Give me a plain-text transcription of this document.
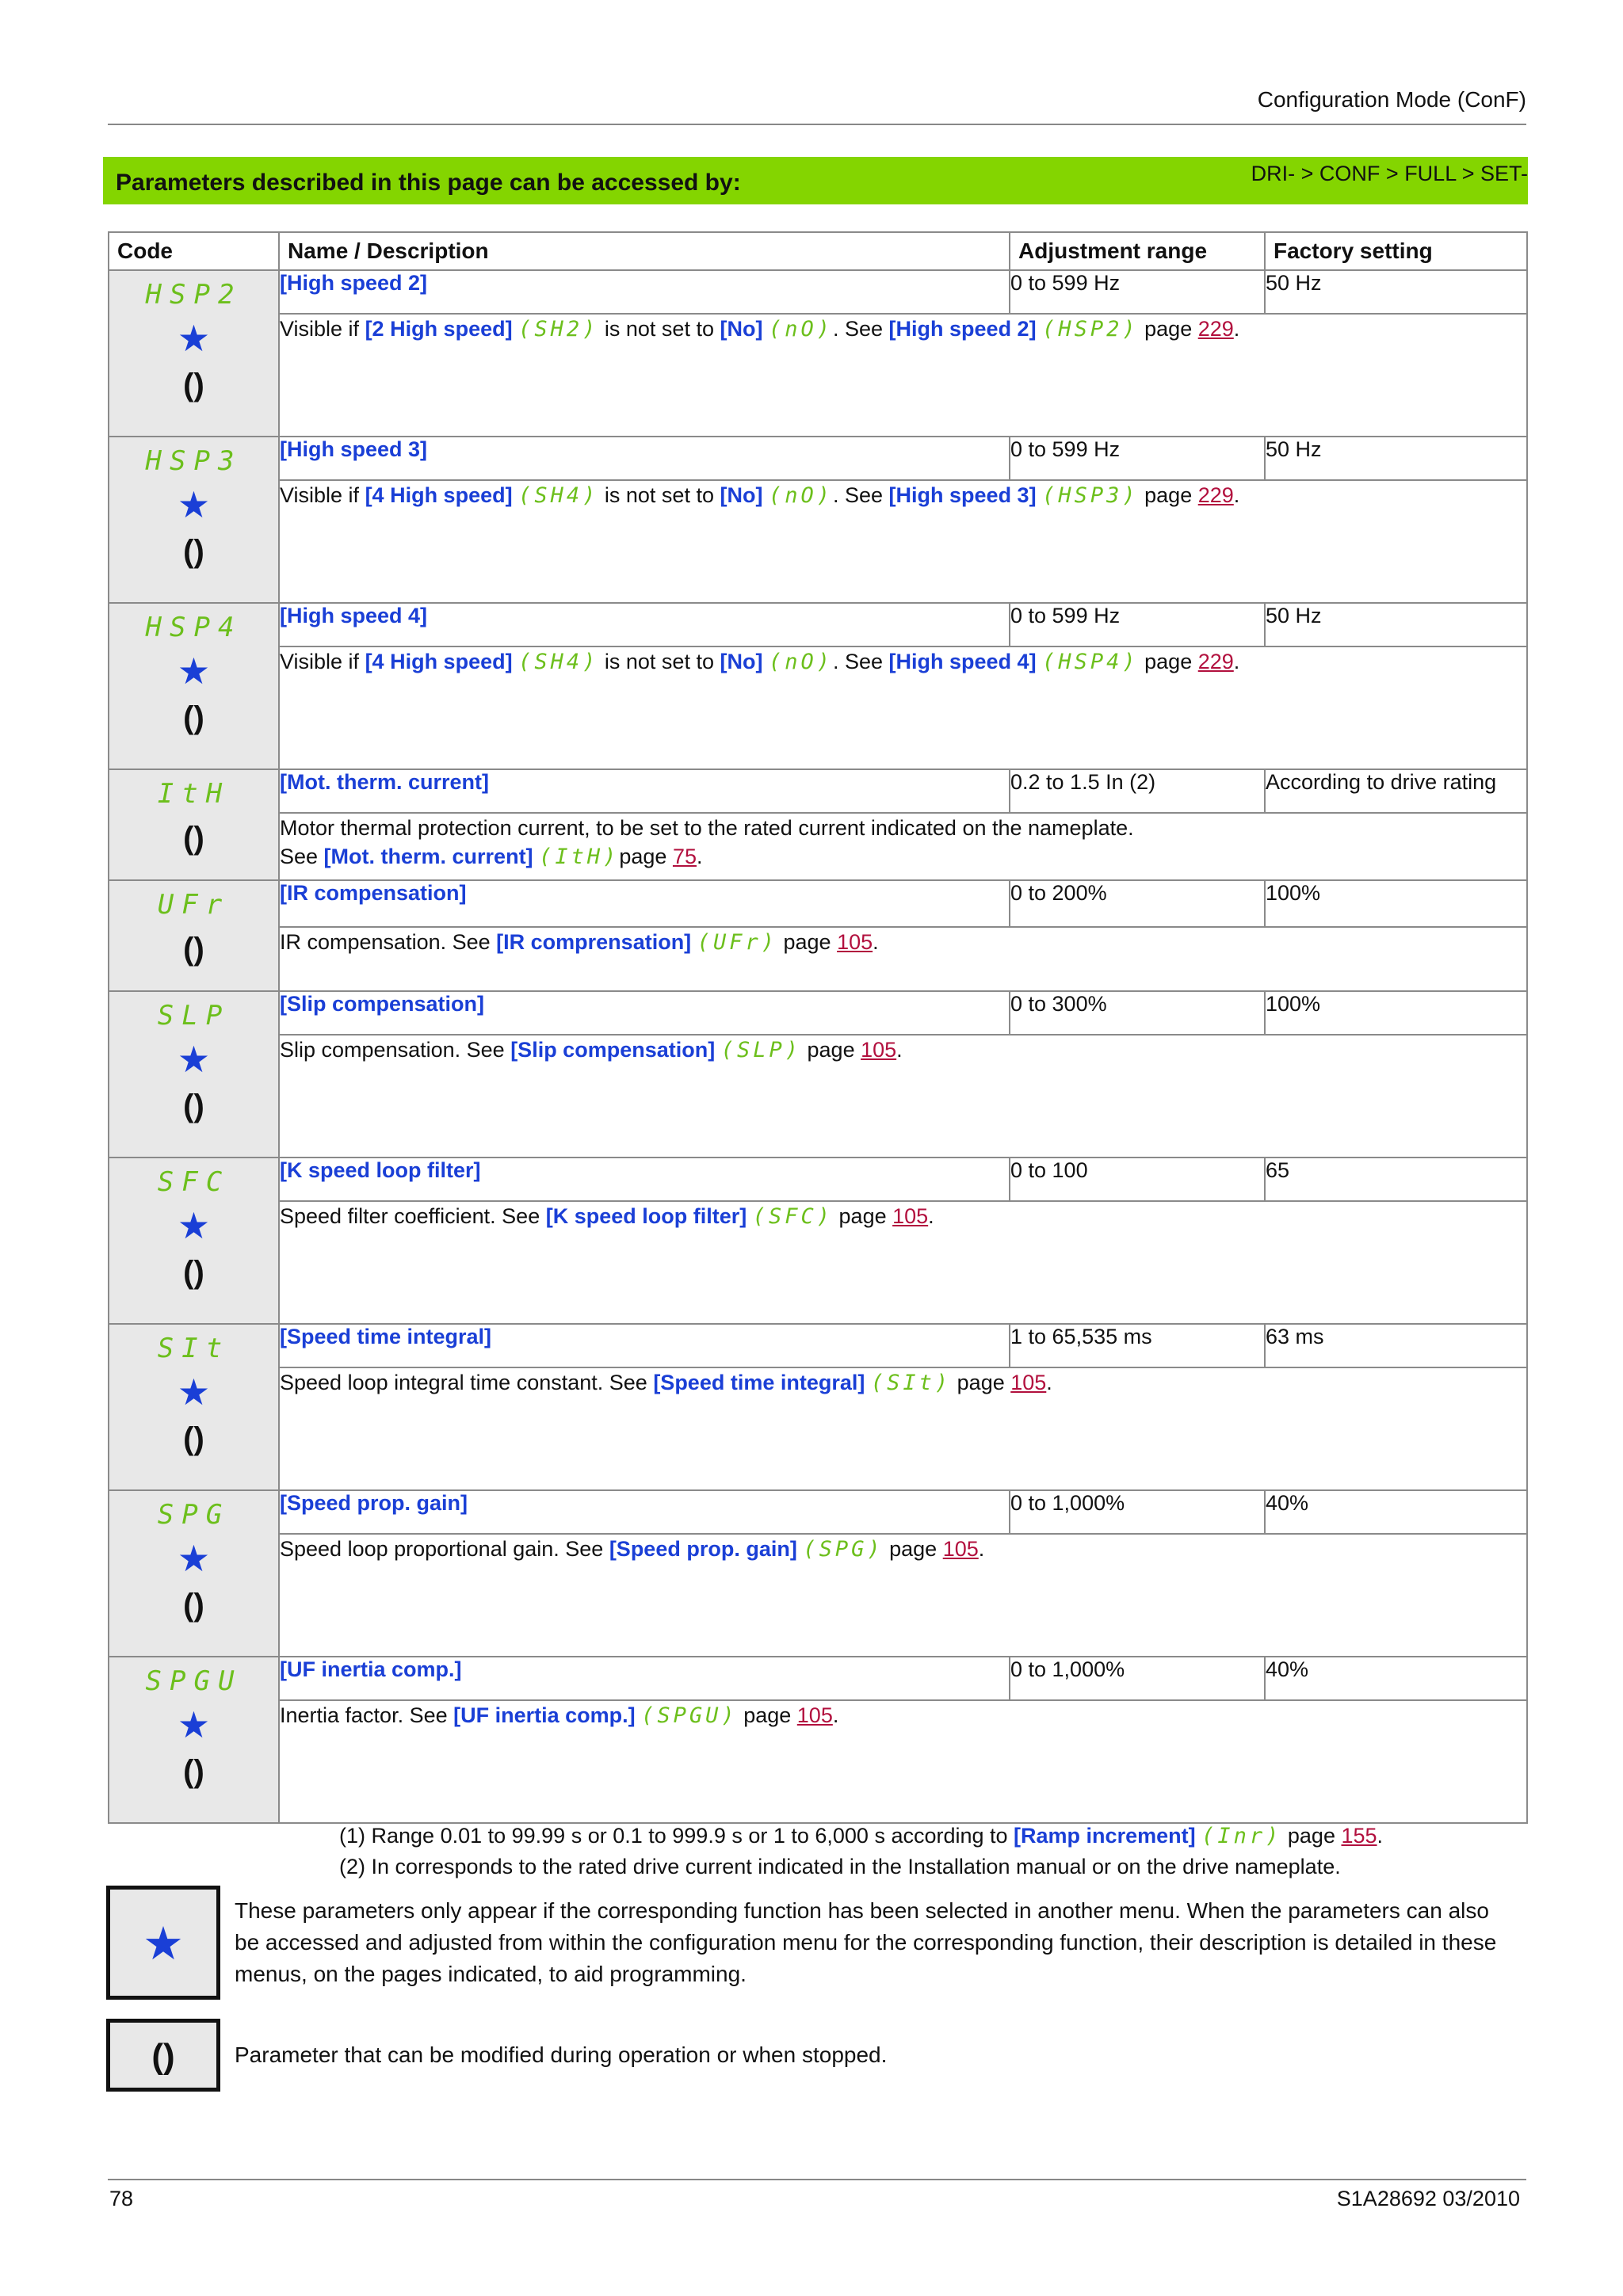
Configuration Mode (ConF)
Parameters described in this page can be accessed by:	DRI- > CONF > FULL > SET-
Code	Name / Description	Adjustment range	Factory setting

HSP2
★
()	[High speed 2]	0 to 599 Hz	50 Hz
	Visible if [2 High speed] (SH2) is not set to [No] (nO). See [High speed 2] (HSP2) page 229.		

HSP3
★
()	[High speed 3]	0 to 599 Hz	50 Hz
	Visible if [4 High speed] (SH4) is not set to [No] (nO). See [High speed 3] (HSP3) page 229.		

HSP4
★
()	[High speed 4]	0 to 599 Hz	50 Hz
	Visible if [4 High speed] (SH4) is not set to [No] (nO). See [High speed 4] (HSP4) page 229.		

ItH
()	[Mot. therm. current]	0.2 to 1.5 In (2)	According to drive rating
	Motor thermal protection current, to be set to the rated current indicated on the nameplate.
See [Mot. therm. current] (ItH)page 75.		

UFr
()	[IR compensation]	0 to 200%	100%
	IR compensation. See [IR comprensation] (UFr) page 105.		

SLP
★
()	[Slip compensation]	0 to 300%	100%
	Slip compensation. See [Slip compensation] (SLP) page 105.		

SFC
★
()	[K speed loop filter]	0 to 100	65
	Speed filter coefficient. See [K speed loop filter] (SFC) page 105.		

SIt
★
()	[Speed time integral]	1 to 65,535 ms	63 ms
	Speed loop integral time constant. See [Speed time integral] (SIt) page 105.		

SPG
★
()	[Speed prop. gain]	0 to 1,000%	40%
	Speed loop proportional gain. See [Speed prop. gain] (SPG) page 105.		

SPGU
★
()	[UF inertia comp.]	0 to 1,000%	40%
	Inertia factor. See [UF inertia comp.] (SPGU) page 105.		
(1) Range 0.01 to 99.99 s or 0.1 to 999.9 s or 1 to 6,000 s according to [Ramp increment] (Inr) page 155.
(2) In corresponds to the rated drive current indicated in the Installation manual or on the drive nameplate.
★
These parameters only appear if the corresponding function has been selected in another menu. When the parameters can also be accessed and adjusted from within the configuration menu for the corresponding function, their description is detailed in these menus, on the pages indicated, to aid programming.
()	Parameter that can be modified during operation or when stopped.
78	S1A28692 03/2010
